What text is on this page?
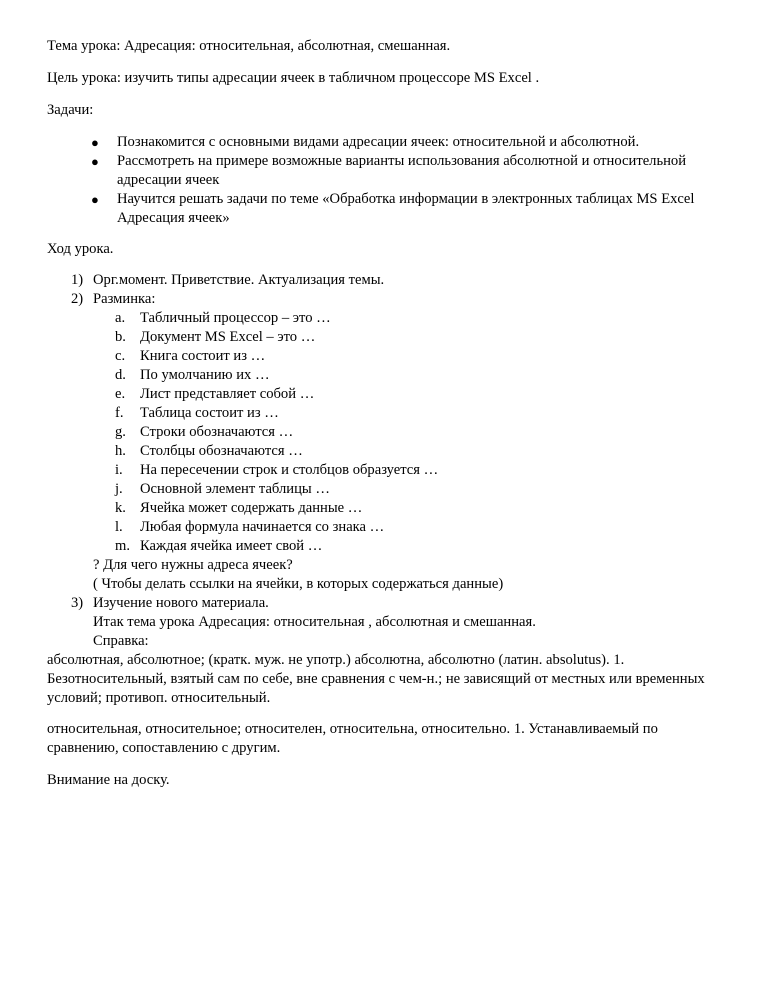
Тема урока: Адресация: относительная, абсолютная, смешанная.

Цель урока: изучить типы адресации ячеек в табличном процессоре MS Excel .

Задачи:

● Познакомится с основными видами адресации ячеек: относительной и абсолютной.
● Рассмотреть на примере возможные варианты использования абсолютной и относительной адресации ячеек
● Научится решать задачи по теме «Обработка информации в электронных таблицах MS Excel Адресация ячеек»

Ход урока.

1) Орг.момент. Приветствие. Актуализация темы.
2) Разминка:
a. Табличный процессор – это …
b. Документ MS Excel – это …
c. Книга состоит из …
d. По умолчанию их …
e. Лист представляет собой …
f. Таблица состоит из …
g. Строки обозначаются …
h. Столбцы обозначаются …
i. На пересечении строк и столбцов образуется …
j. Основной элемент таблицы …
k. Ячейка может содержать данные …
l. Любая формула начинается со знака …
m. Каждая ячейка имеет свой …
? Для чего нужны адреса ячеек?
( Чтобы делать ссылки на ячейки, в которых содержаться данные)
3) Изучение нового материала.
Итак тема урока Адресация: относительная , абсолютная и смешанная.
Справка:
абсолютная, абсолютное; (кратк. муж. не употр.) абсолютна, абсолютно (латин. absolutus). 1. Безотносительный, взятый сам по себе, вне сравнения с чем-н.; не зависящий от местных или временных условий; противоп. относительный.

относительная, относительное; относителен, относительна, относительно. 1. Устанавливаемый по сравнению, сопоставлению с другим.

Внимание на доску.
